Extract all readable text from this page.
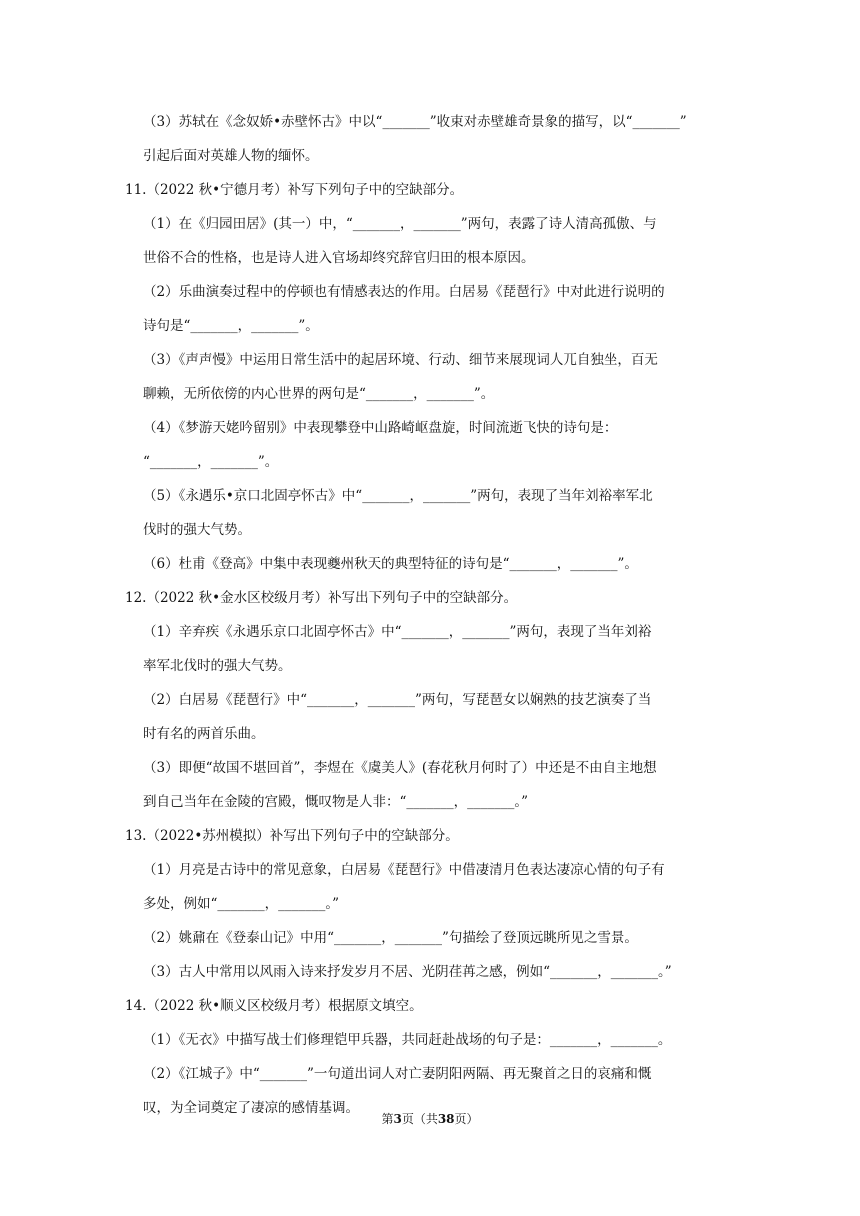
（3）苏轼在《念奴娇•赤壁怀古》中以“_______”收束对赤壁雄奇景象的描写，以“_______”
引起后面对英雄人物的缅怀。
11.（2022 秋•宁德月考）补写下列句子中的空缺部分。
（1）在《归园田居》(其一）中，“_______，_______”两句，表露了诗人清高孤傲、与
世俗不合的性格，也是诗人进入官场却终究辞官归田的根本原因。
（2）乐曲演奏过程中的停顿也有情感表达的作用。白居易《琵琶行》中对此进行说明的
诗句是“_______，_______”。
（3）《声声慢》中运用日常生活中的起居环境、行动、细节来展现词人兀自独坐，百无
聊赖，无所依傍的内心世界的两句是“_______，_______”。
（4）《梦游天姥吟留别》中表现攀登中山路崎岖盘旋，时间流逝飞快的诗句是：
“_______，_______”。
（5）《永遇乐•京口北固亭怀古》中“_______，_______”两句，表现了当年刘裕率军北
伐时的强大气势。
（6）杜甫《登高》中集中表现夔州秋天的典型特征的诗句是“_______，_______”。
12.（2022 秋•金水区校级月考）补写出下列句子中的空缺部分。
（1）辛弃疾《永遇乐京口北固亭怀古》中“_______，_______”两句，表现了当年刘裕
率军北伐时的强大气势。
（2）白居易《琵琶行》中“_______，_______”两句，写琵琶女以娴熟的技艺演奏了当
时有名的两首乐曲。
（3）即便“故国不堪回首”，李煜在《虞美人》(春花秋月何时了）中还是不由自主地想
到自己当年在金陵的宫殿，慨叹物是人非：“_______，_______。”
13.（2022•苏州模拟）补写出下列句子中的空缺部分。
（1）月亮是古诗中的常见意象，白居易《琵琶行》中借凄清月色表达凄凉心情的句子有
多处，例如“_______，_______。”
（2）姚鼐在《登泰山记》中用“_______，_______”句描绘了登顶远眺所见之雪景。
（3）古人中常用以风雨入诗来抒发岁月不居、光阴荏苒之感，例如“_______，_______。”
14.（2022 秋•顺义区校级月考）根据原文填空。
（1）《无衣》中描写战士们修理铠甲兵器，共同赶赴战场的句子是：_______，_______。
（2）《江城子》中“_______”一句道出词人对亡妻阴阳两隔、再无聚首之日的哀痛和慨
叹，为全词奠定了凄凉的感情基调。
第3页（共38页）
